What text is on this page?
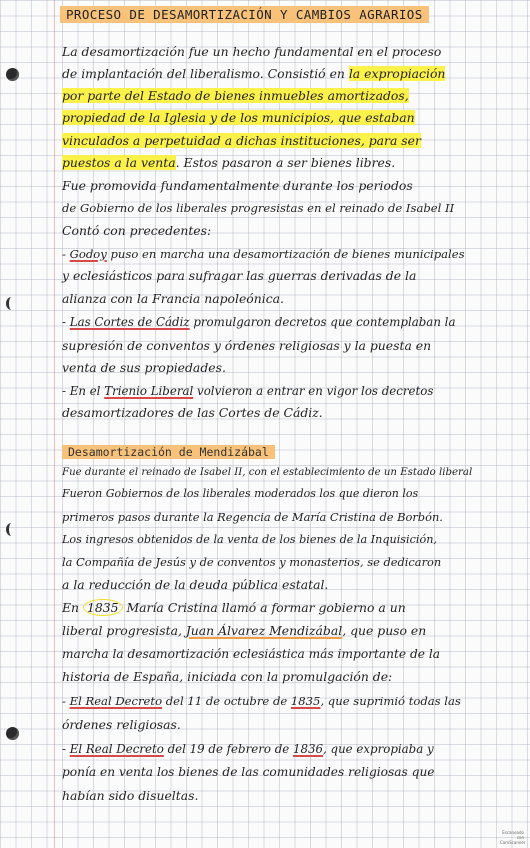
PROCESO DE DESAMORTIZACIÓN Y CAMBIOS AGRARIOS
La desamortización fue un hecho fundamental en el proceso
de implantación del liberalismo. Consistió en la expropiación
por parte del Estado de bienes inmuebles amortizados,
propiedad de la Iglesia y de los municipios, que estaban
vinculados a perpetuidad a dichas instituciones, para ser
puestos a la venta. Estos pasaron a ser bienes libres.
Fue promovida fundamentalmente durante los periodos
de Gobierno de los liberales progresistas en el reinado de Isabel II
Contó con precedentes:
- Godoy puso en marcha una desamortización de bienes municipales
y eclesiásticos para sufragar las guerras derivadas de la
alianza con la Francia napoleónica.
- Las Cortes de Cádiz promulgaron decretos que contemplaban la
supresión de conventos y órdenes religiosas y la puesta en
venta de sus propiedades.
- En el Trienio Liberal volvieron a entrar en vigor los decretos
desamortizadores de las Cortes de Cádiz.
Fue durante el reinado de Isabel II, con el establecimiento de un Estado liberal
Fueron Gobiernos de los liberales moderados los que dieron los
primeros pasos durante la Regencia de María Cristina de Borbón.
Los ingresos obtenidos de la venta de los bienes de la Inquisición,
la Compañía de Jesús y de conventos y monasterios, se dedicaron
a la reducción de la deuda pública estatal.
En 1835 María Cristina llamó a formar gobierno a un
liberal progresista, Juan Álvarez Mendizábal, que puso en
marcha la desamortización eclesiástica más importante de la
historia de España, iniciada con la promulgación de:
- El Real Decreto del 11 de octubre de 1835, que suprimió todas las
órdenes religiosas.
- El Real Decreto del 19 de febrero de 1836, que expropiaba y
ponía en venta los bienes de las comunidades religiosas que
habían sido disueltas.
Desamortización de Mendizábal
Escaneado con CamScanner
